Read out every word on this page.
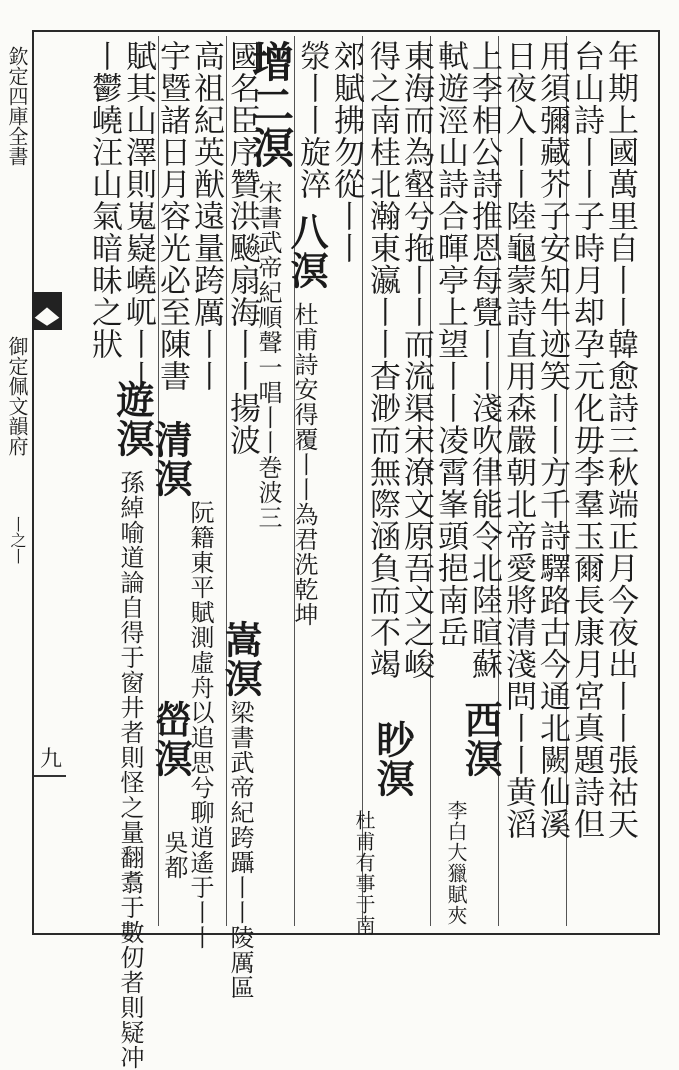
欽定四庫全書
御定佩文韻府
丨之丨
九	年期上國萬里自丨丨韓愈詩三秋端正月今夜出丨丨張祜天
台山詩丨丨子時月却孕元化毋李羣玉爾長康月宮真題詩但
用須彌藏芥子安知牛迹笑丨丨方千詩驛路古今通北闕仙溪
日夜入丨丨陸龜蒙詩直用森嚴朝北帝愛將清淺問丨丨黄滔
上李相公詩推恩每覺丨丨淺吹律能令北陸暄蘇
西溟
李白大獵賦夾
軾遊涇山詩合暉亭上望丨丨凌霄峯頭挹南岳
東海而為壑兮拖丨丨而流渠宋潦文原吾文之峻
得之南桂北瀚東瀛丨丨杳渺而無際涵負而不竭
眇溟
杜甫有事于南
郊賦拂勿從丨丨
滎丨丨旋淬
八溟
杜甫詩安得覆丨丨為君洗乾坤
增二溟
宋書武帝紀順聲一唱丨丨巻波三
國名臣序贊洪飈扇海丨丨揚波
嵩溟
梁書武帝紀跨躡丨丨陵厲區
高祖紀英猷遠量跨厲丨丨
宇暨諸日月容光必至陳書
清溟
阮籍東平賦測虛舟以追思兮聊逍遙于丨丨
嵤溟
吳都
賦其山澤則嵬嶷嶢屼丨丨
遊溟
丨鬱嶢汪山氣暗昧之狀
孫綽喻道論自得于窗井者則怪之量翻翥于數仞者則疑冲
